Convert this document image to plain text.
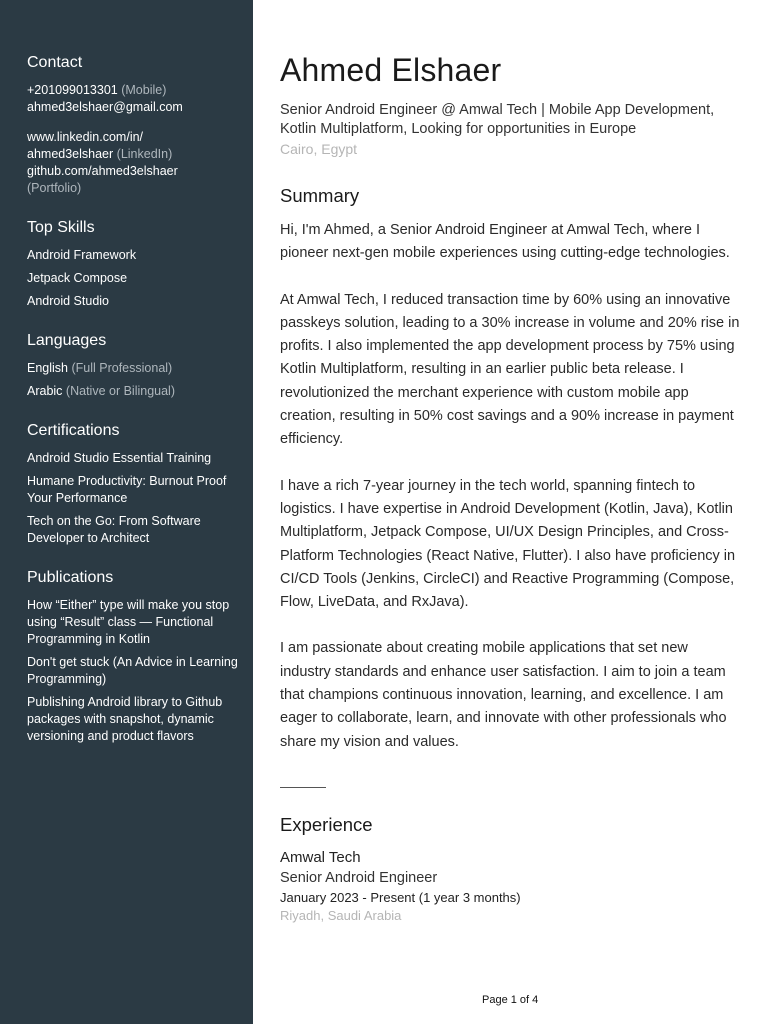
Contact
+201099013301 (Mobile)
ahmed3elshaer@gmail.com
www.linkedin.com/in/
ahmed3elshaer (LinkedIn)
github.com/ahmed3elshaer
(Portfolio)
Top Skills
Android Framework
Jetpack Compose
Android Studio
Languages
English (Full Professional)
Arabic (Native or Bilingual)
Certifications
Android Studio Essential Training
Humane Productivity: Burnout Proof Your Performance
Tech on the Go: From Software Developer to Architect
Publications
How “Either” type will make you stop using “Result” class — Functional Programming in Kotlin
Don't get stuck (An Advice in Learning Programming)
Publishing Android library to Github packages with snapshot, dynamic versioning and product flavors
Ahmed Elshaer
Senior Android Engineer @ Amwal Tech | Mobile App Development, Kotlin Multiplatform, Looking for opportunities in Europe
Cairo, Egypt
Summary

Hi, I'm Ahmed, a Senior Android Engineer at Amwal Tech, where I pioneer next-gen mobile experiences using cutting-edge technologies.

At Amwal Tech, I reduced transaction time by 60% using an innovative passkeys solution, leading to a 30% increase in volume and 20% rise in profits. I also implemented the app development process by 75% using Kotlin Multiplatform, resulting in an earlier public beta release. I revolutionized the merchant experience with custom mobile app creation, resulting in 50% cost savings and a 90% increase in payment efficiency.

I have a rich 7-year journey in the tech world, spanning fintech to logistics. I have expertise in Android Development (Kotlin, Java), Kotlin Multiplatform, Jetpack Compose, UI/UX Design Principles, and Cross-Platform Technologies (React Native, Flutter). I also have proficiency in CI/CD Tools (Jenkins, CircleCI) and Reactive Programming (Compose, Flow, LiveData, and RxJava).

I am passionate about creating mobile applications that set new industry standards and enhance user satisfaction. I aim to join a team that champions continuous innovation, learning, and excellence. I am eager to collaborate, learn, and innovate with other professionals who share my vision and values.

Experience
Amwal Tech
Senior Android Engineer
January 2023 - Present (1 year 3 months)
Riyadh, Saudi Arabia
Page 1 of 4
